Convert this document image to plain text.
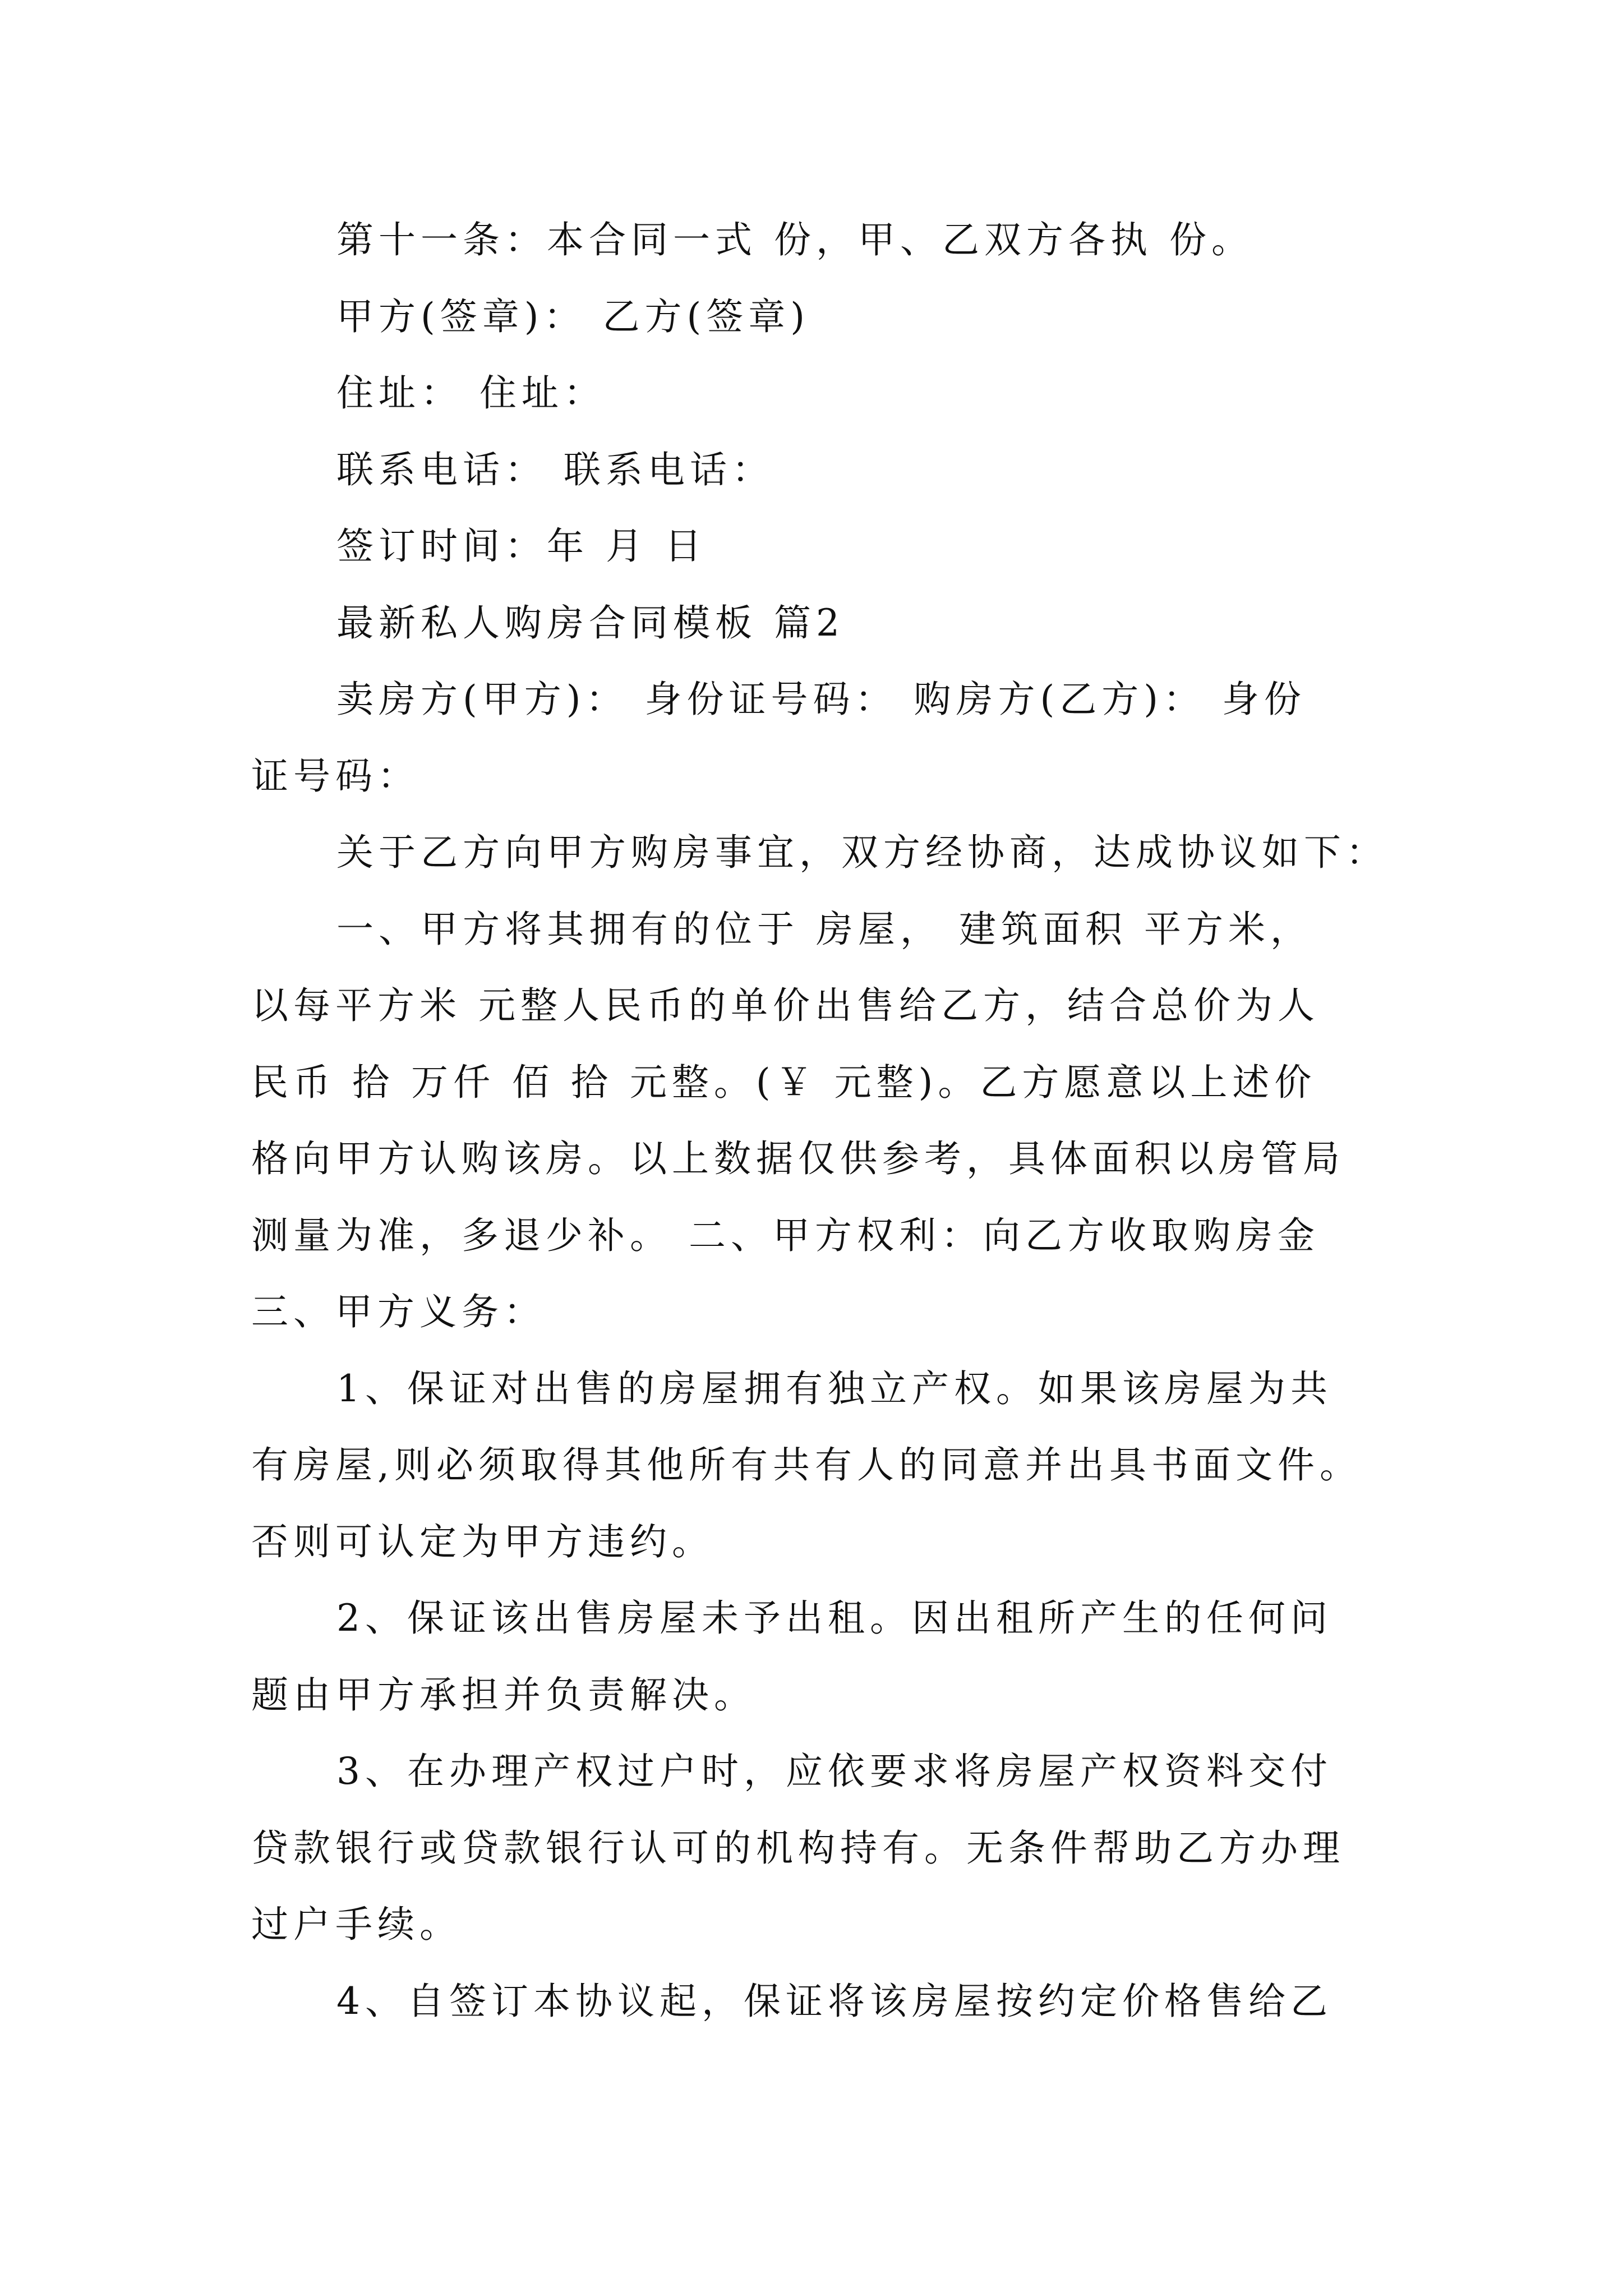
第十一条：本合同一式 份，甲、乙双方各执 份。
甲方(签章)： 乙方(签章)
住址： 住址：
联系电话： 联系电话：
签订时间：年 月 日
最新私人购房合同模板 篇2
卖房方(甲方)： 身份证号码： 购房方(乙方)： 身份
证号码：
关于乙方向甲方购房事宜，双方经协商，达成协议如下：
一、甲方将其拥有的位于 房屋， 建筑面积 平方米，
以每平方米 元整人民币的单价出售给乙方，结合总价为人
民币 拾 万仟 佰 拾 元整。(￥ 元整)。乙方愿意以上述价
格向甲方认购该房。以上数据仅供参考，具体面积以房管局
测量为准，多退少补。 二、甲方权利：向乙方收取购房金
三、甲方义务：
1、保证对出售的房屋拥有独立产权。如果该房屋为共
有房屋,则必须取得其他所有共有人的同意并出具书面文件。
否则可认定为甲方违约。
2、保证该出售房屋未予出租。因出租所产生的任何问
题由甲方承担并负责解决。
3、在办理产权过户时，应依要求将房屋产权资料交付
贷款银行或贷款银行认可的机构持有。无条件帮助乙方办理
过户手续。
4、自签订本协议起，保证将该房屋按约定价格售给乙
